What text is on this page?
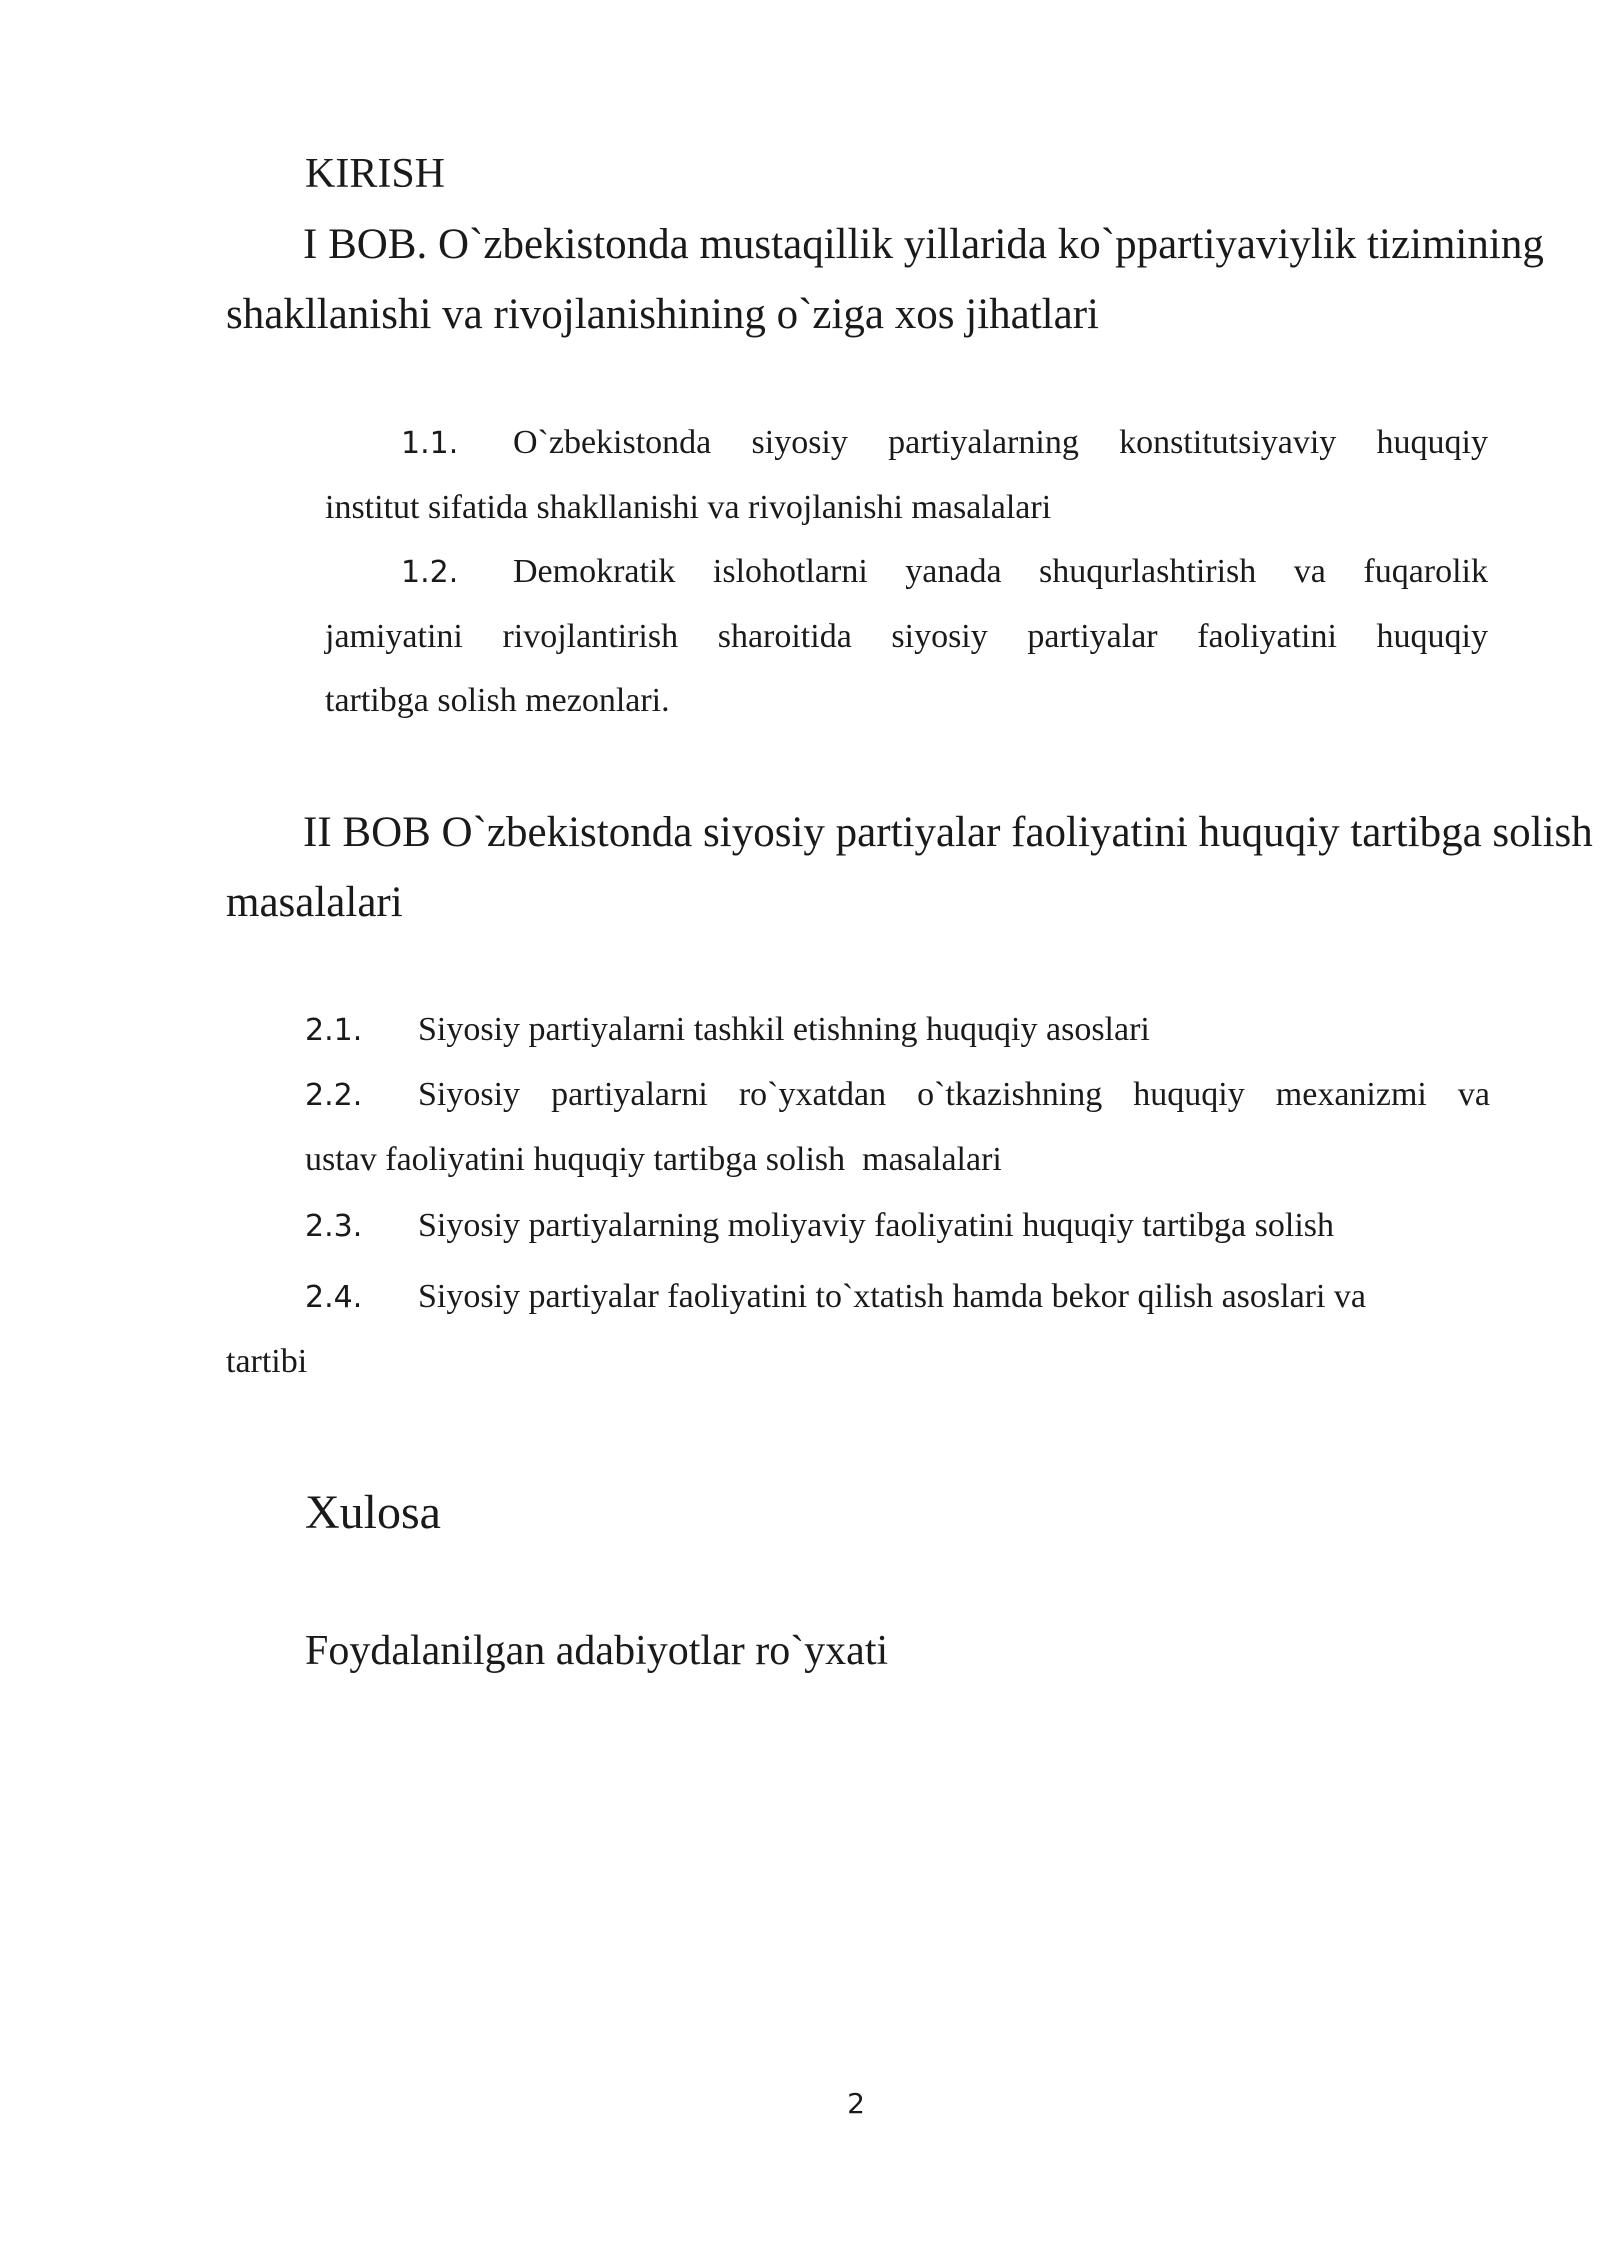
KIRISH
I BOB. O`zbekistonda mustaqillik yillarida ko`ppartiyaviylik tizimining
shakllanishi va rivojlanishining o`ziga xos jihatlari
1.1. O`zbekistonda siyosiy partiyalarning konstitutsiyaviy huquqiy
institut sifatida shakllanishi va rivojlanishi masalalari
1.2. Demokratik islohotlarni yanada shuqurlashtirish va fuqarolik
jamiyatini rivojlantirish sharoitida siyosiy partiyalar faoliyatini huquqiy
tartibga solish mezonlari.
II BOB O`zbekistonda siyosiy partiyalar faoliyatini huquqiy tartibga solish
masalalari
2.1. Siyosiy partiyalarni tashkil etishning huquqiy asoslari
2.2. Siyosiy partiyalarni ro`yxatdan o`tkazishning huquqiy mexanizmi va
ustav faoliyatini huquqiy tartibga solish  masalalari
2.3. Siyosiy partiyalarning moliyaviy faoliyatini huquqiy tartibga solish
2.4. Siyosiy partiyalar faoliyatini to`xtatish hamda bekor qilish asoslari va
tartibi
Xulosa
Foydalanilgan adabiyotlar ro`yxati
2
